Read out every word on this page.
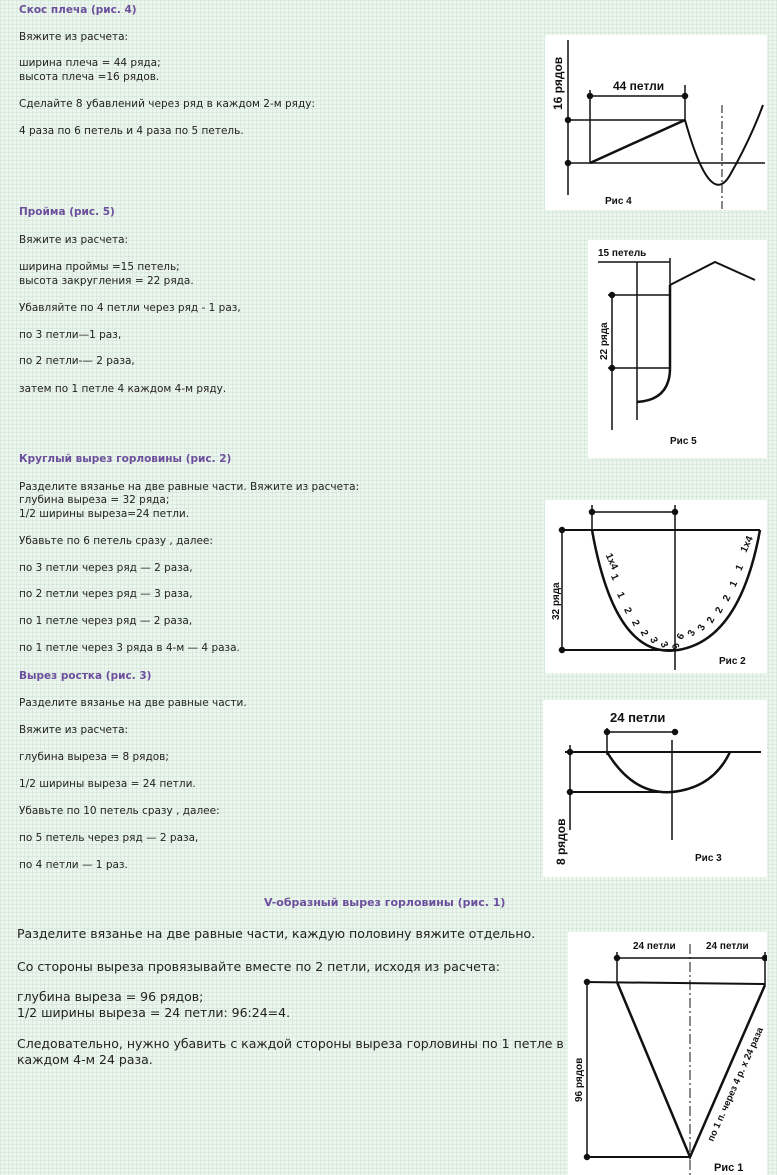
Скос плеча (рис. 4)
Вяжите из расчета:
ширина плеча = 44 ряда;
высота плеча =16 рядов.
Сделайте 8 убавлений через ряд в каждом 2-м ряду:
4 раза по 6 петель и 4 раза по 5 петель.
16 рядов	44 петли
Рис 4
Пройма (рис. 5)
Вяжите из расчета:
ширина проймы =15 петель;
высота закругления = 22 ряда.
Убавляйте по 4 петли через ряд - 1 раз,
по 3 петли—1 раз,
по 2 петли-— 2 раза,
затем по 1 петле 4 каждом 4-м ряду.
15 петель
22 ряда
Рис 5
Круглый вырез горловины (рис. 2)
Разделите вязанье на две равные части. Вяжите из расчета:
глубина выреза = 32 ряда;
1/2 ширины выреза=24 петли.
Убавьте по 6 петель сразу , далее:
по 3 петли через ряд — 2 раза,
по 2 петли через ряд — 3 раза,
по 1 петле через ряд — 2 раза,
по 1 петле через 3 ряда в 4-м — 4 раза.
32 ряда
Рис 2
1x4
1
1
2
2
2
3
3
6
6
3
3
2
2
2
1
1
1x4
Вырез ростка (рис. 3)
Разделите вязанье на две равные части.
Вяжите из расчета:
глубина выреза = 8 рядов;
1/2 ширины выреза = 24 петли.
Убавьте по 10 петель сразу , далее:
по 5 петель через ряд — 2 раза,
по 4 петли — 1 раз.
24 петли
8 рядов	Рис 3
V-образный вырез горловины (рис. 1)
Разделите вязанье на две равные части, каждую половину вяжите отдельно.
Со стороны выреза провязывайте вместе по 2 петли, исходя из расчета:
глубина выреза = 96 рядов;
1/2 ширины выреза = 24 петли: 96:24=4.
Следовательно, нужно убавить с каждой стороны выреза горловины по 1 петле в
каждом 4-м 24 раза.
24 петли	24 петли
96 рядов	по 1 п. через 4 р. х 24 раза
Рис 1
